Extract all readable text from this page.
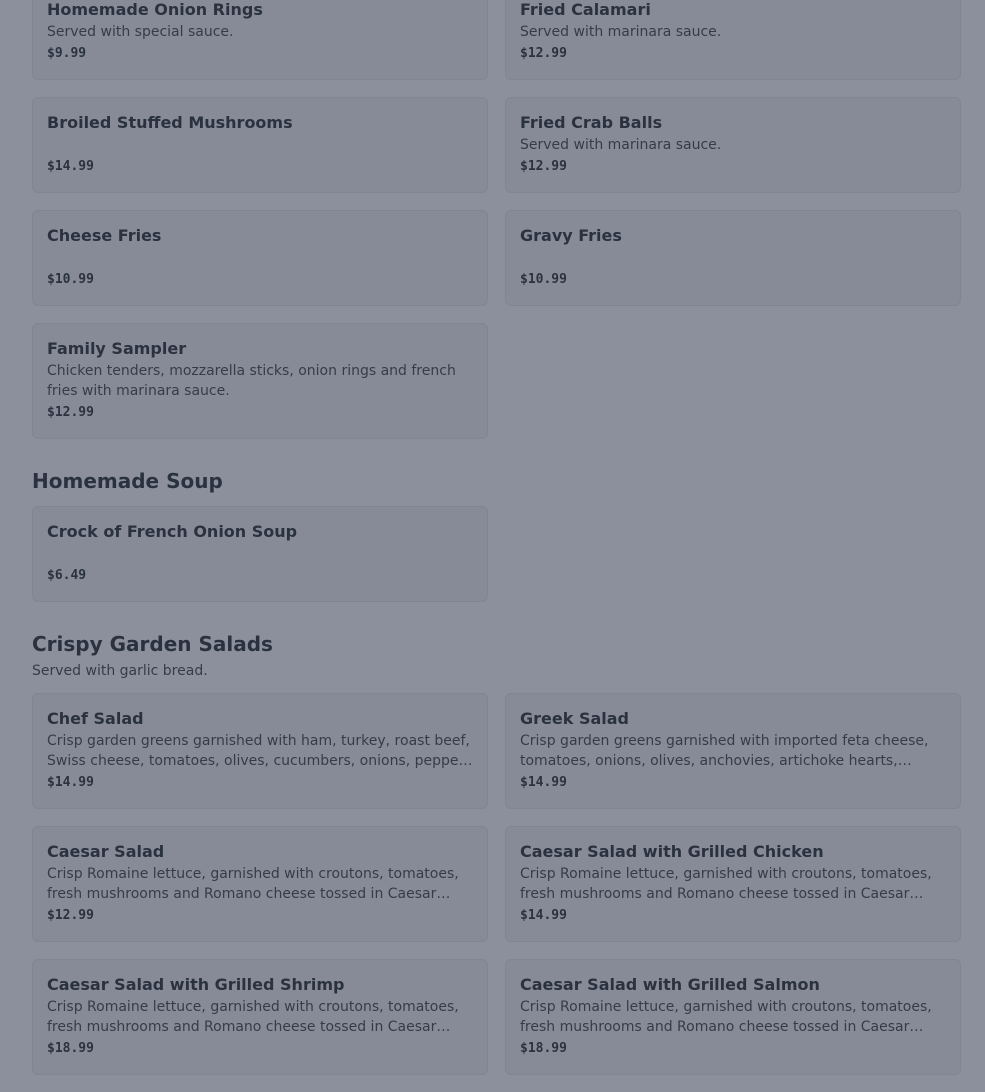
Homemade Onion Rings
Served with special sauce.
$9.99
Fried Calamari
Served with marinara sauce.
$12.99
Broiled Stuffed Mushrooms
$14.99
Fried Crab Balls
Served with marinara sauce.
$12.99
Cheese Fries
$10.99
Gravy Fries
$10.99
Family Sampler
Chicken tenders, mozzarella sticks, onion rings and french fries with marinara sauce.
$12.99
Homemade Soup
Crock of French Onion Soup
$6.49
Crispy Garden Salads
Served with garlic bread.
Chef Salad
Crisp garden greens garnished with ham, turkey, roast beef, Swiss cheese, tomatoes, olives, cucumbers, onions, peppers
$14.99
Greek Salad
Crisp garden greens garnished with imported feta cheese, tomatoes, onions, olives, anchovies, artichoke hearts,
$14.99
Caesar Salad
Crisp Romaine lettuce, garnished with croutons, tomatoes, fresh mushrooms and Romano cheese tossed in Caesar
$12.99
Caesar Salad with Grilled Chicken
Crisp Romaine lettuce, garnished with croutons, tomatoes, fresh mushrooms and Romano cheese tossed in Caesar
$14.99
Caesar Salad with Grilled Shrimp
Crisp Romaine lettuce, garnished with croutons, tomatoes, fresh mushrooms and Romano cheese tossed in Caesar
$18.99
Caesar Salad with Grilled Salmon
Crisp Romaine lettuce, garnished with croutons, tomatoes, fresh mushrooms and Romano cheese tossed in Caesar
$18.99
